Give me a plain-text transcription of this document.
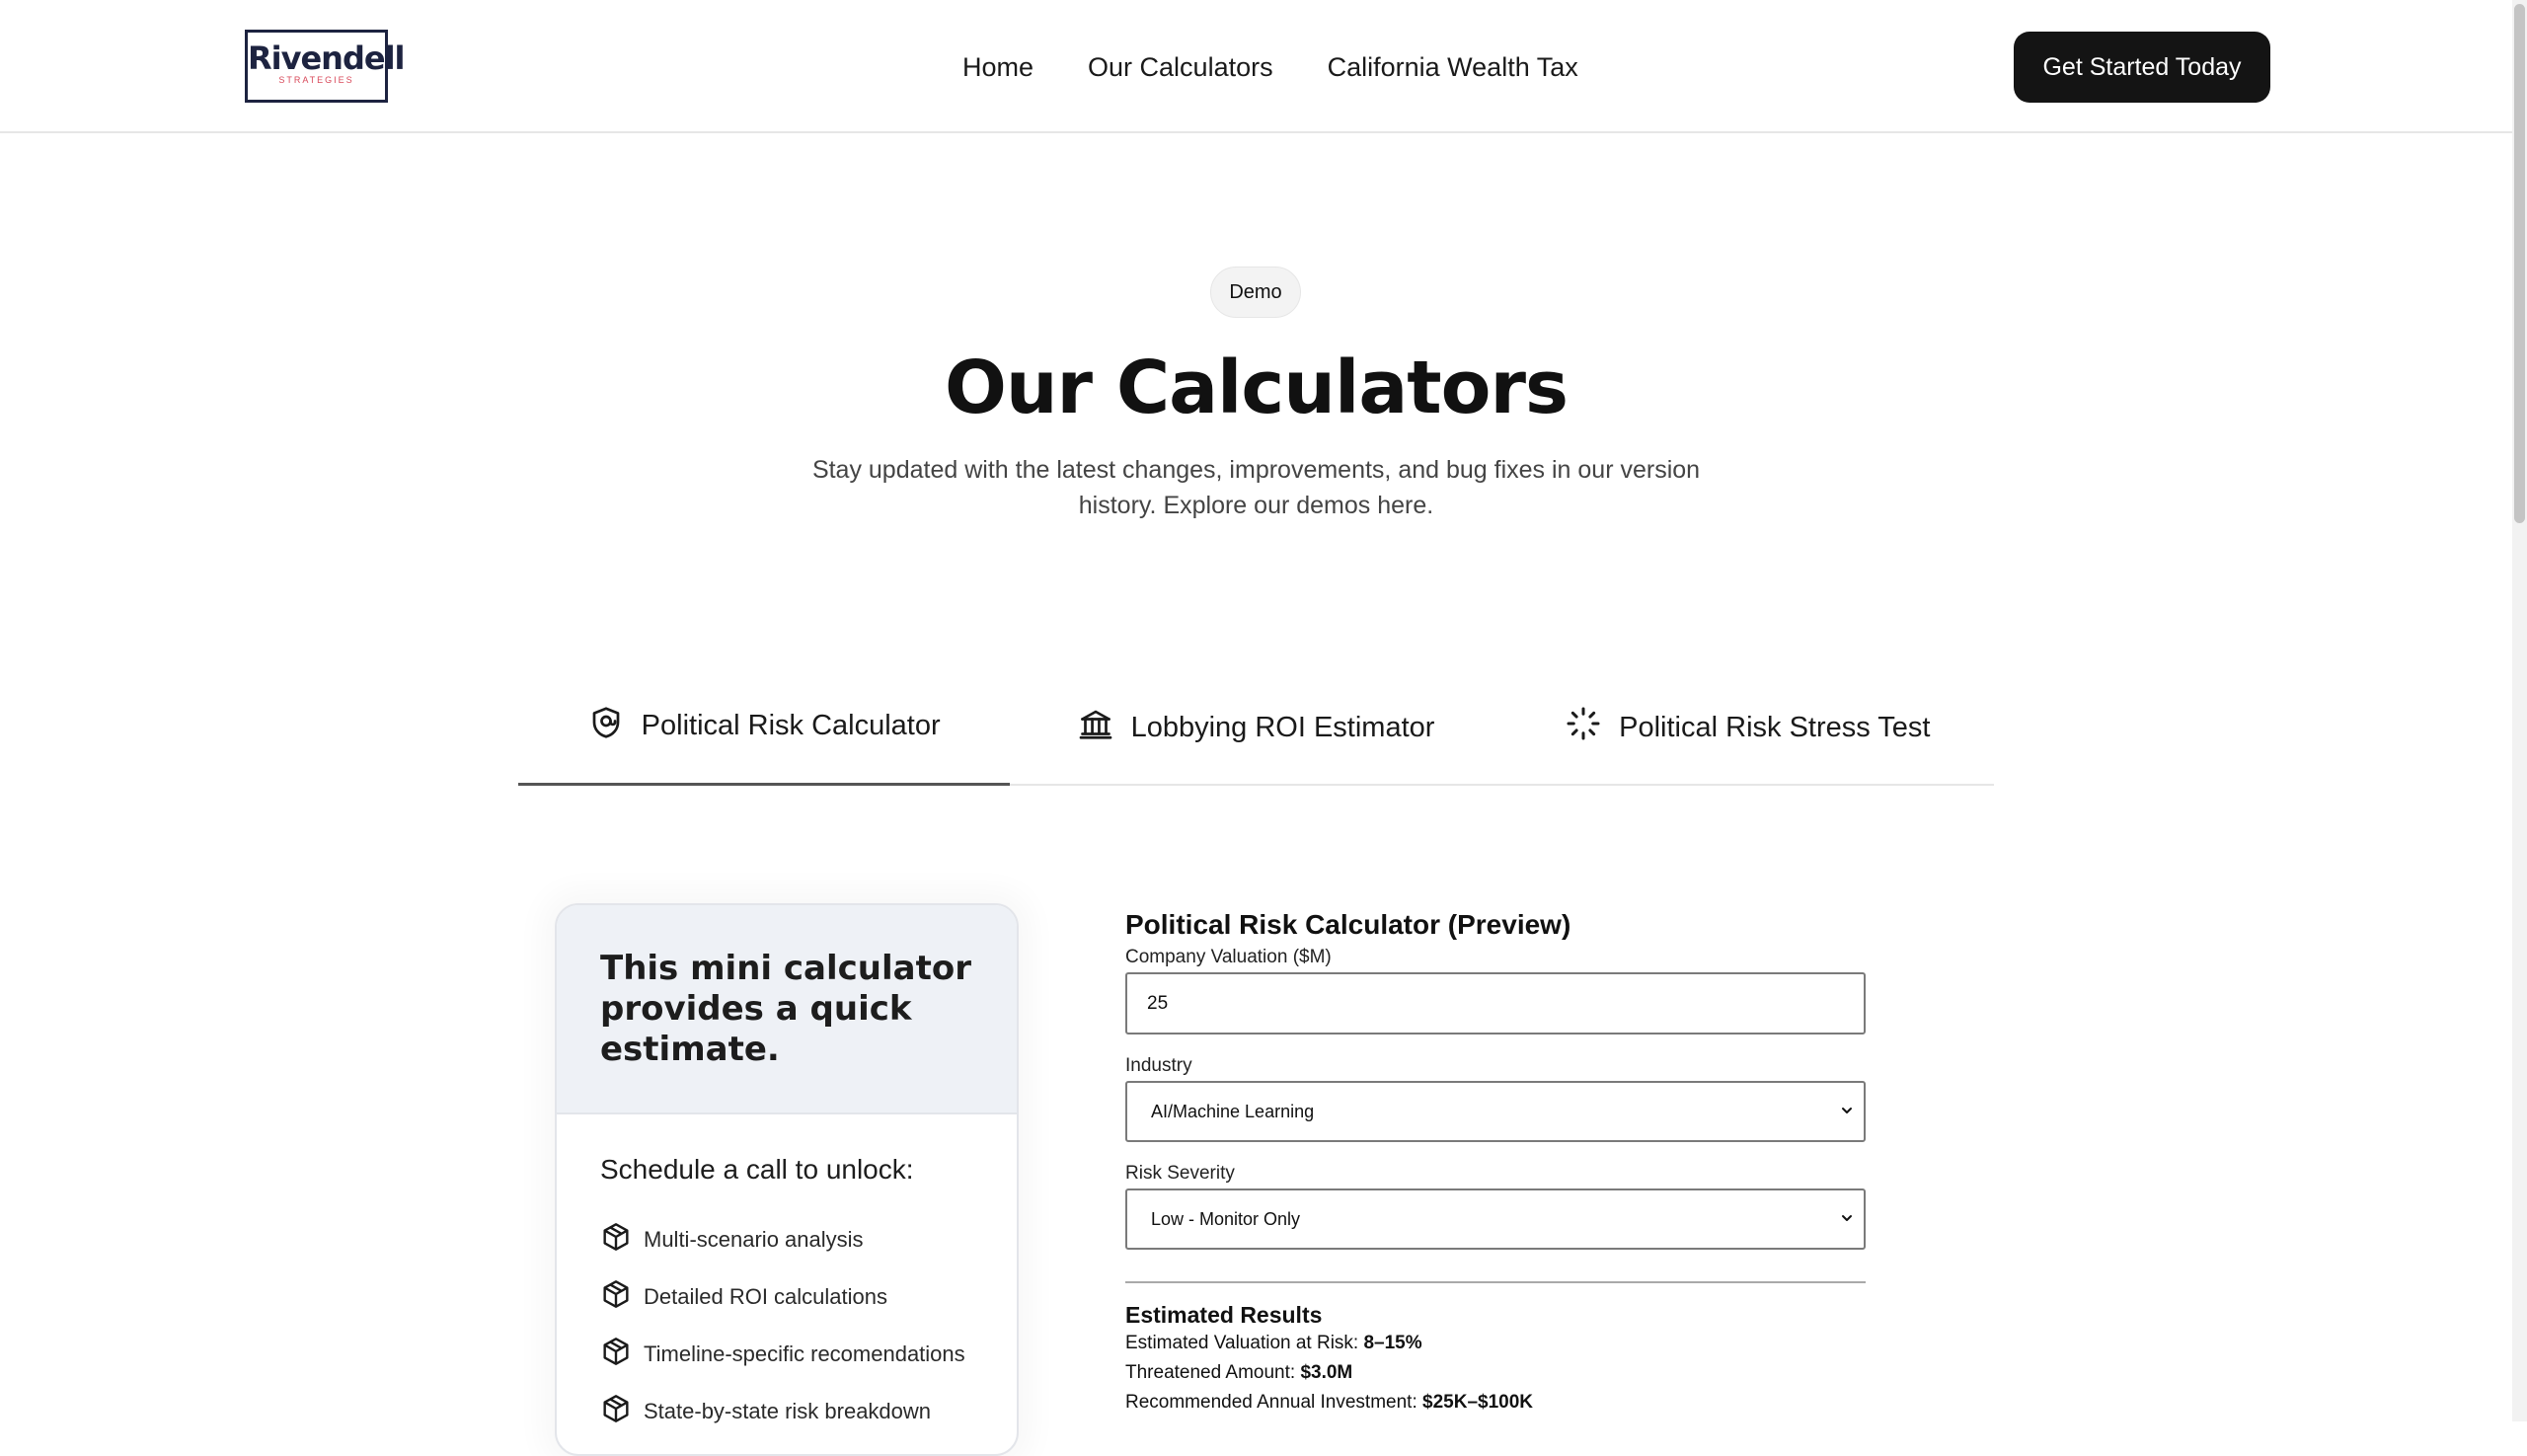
Rivendell
STRATEGIES	Home Our Calculators California Wealth Tax	Get Started Today
Demo
Our Calculators

Stay updated with the latest changes, improvements, and bug fixes in our version history. Explore our demos here.

Political Risk Calculator	Lobbying ROI Estimator	Political Risk Stress Test
This mini calculator provides a quick estimate.
Schedule a call to unlock:
Multi-scenario analysis
Detailed ROI calculations
Timeline-specific recomendations
State-by-state risk breakdown
Political Risk Calculator (Preview)
Company Valuation ($M)
25
Industry
AI/Machine Learning
Risk Severity
Low - Monitor Only
Estimated Results
Estimated Valuation at Risk: 8–15%
Threatened Amount: $3.0M
Recommended Annual Investment: $25K–$100K
